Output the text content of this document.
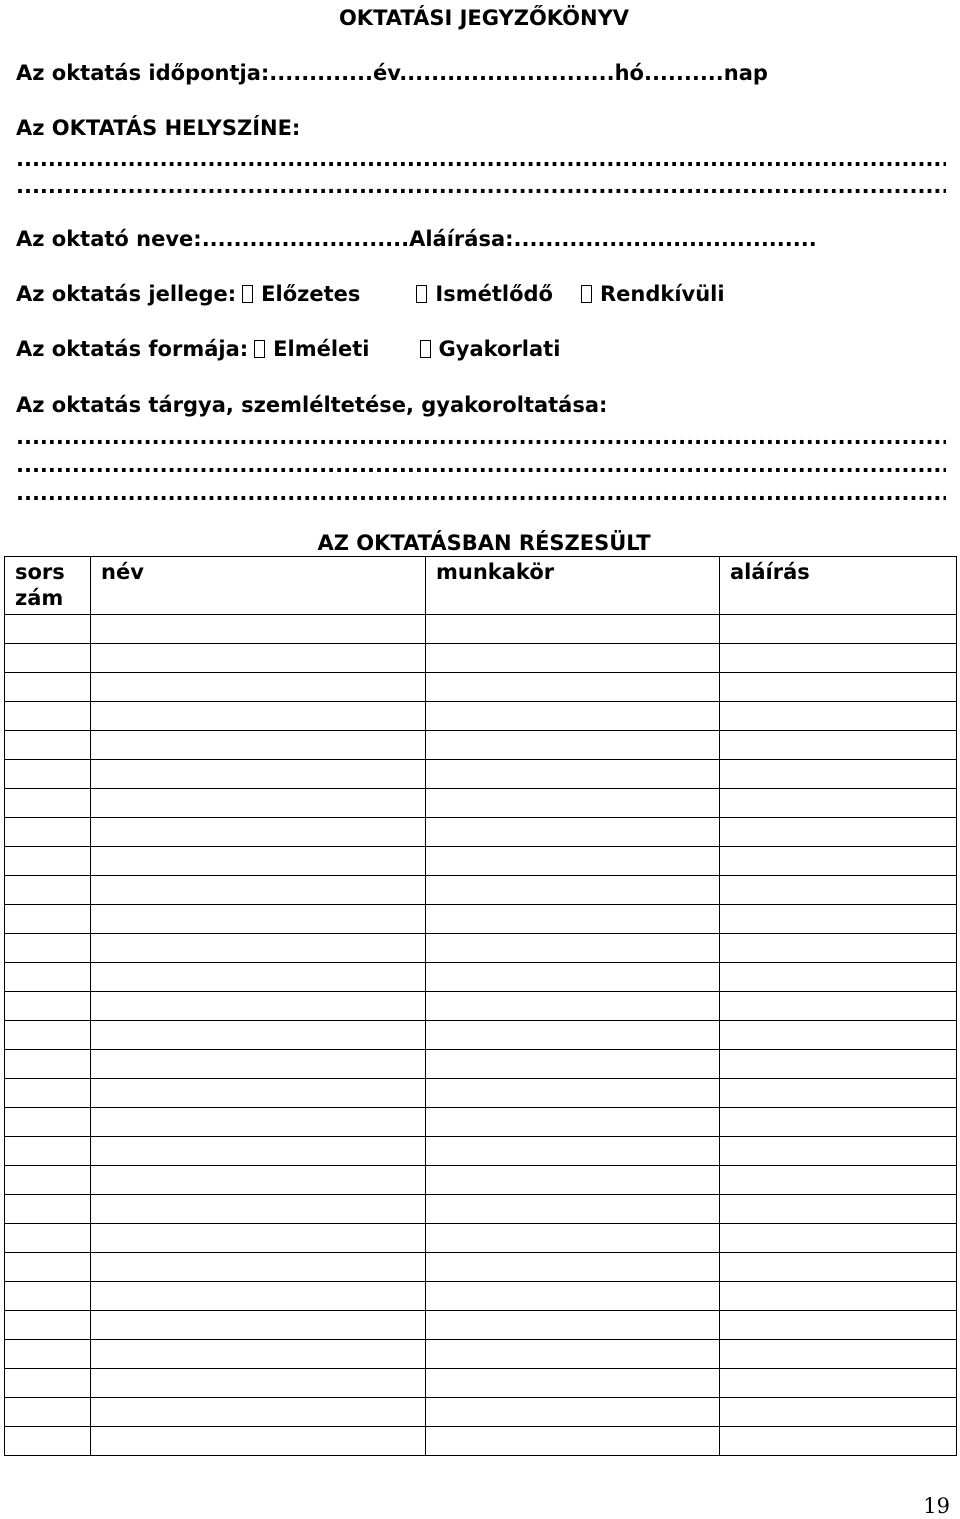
OKTATÁSI JEGYZŐKÖNYV
Az oktatás időpontja:.............év...........................hó..........nap
Az OKTATÁS HELYSZÍNE:
.....
.....
Az oktató neve:..........................Aláírása:......................................
Az oktatás jellege: Előzetes	Ismétlődő Rendkívüli
Az oktatás formája: Elméleti	Gyakorlati
Az oktatás tárgya, szemléltetése, gyakoroltatása:
.....
.....
.....
AZ OKTATÁSBAN RÉSZESÜLT
sors zám	név	munkakör	aláírás

19
